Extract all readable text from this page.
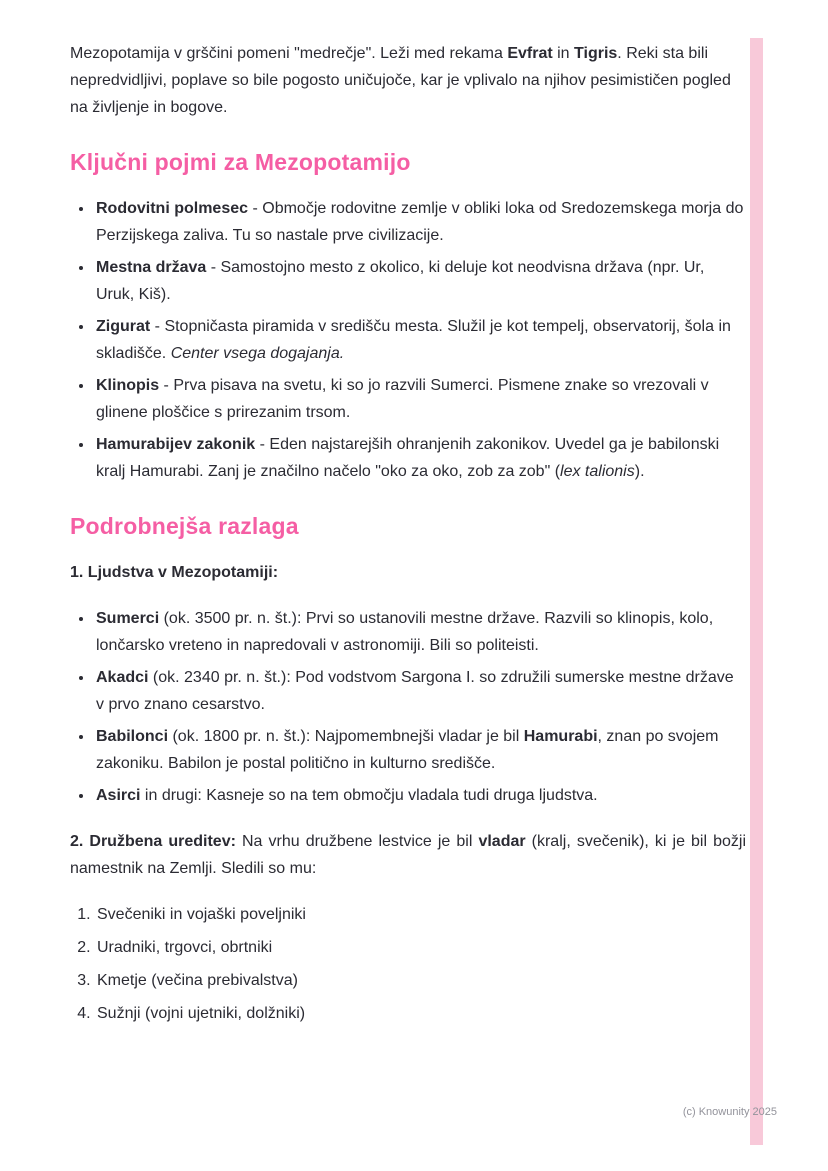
Mezopotamija v grščini pomeni "medrečje". Leži med rekama Evfrat in Tigris. Reki sta bili nepredvidljivi, poplave so bile pogosto uničujoče, kar je vplivalo na njihov pesimističen pogled na življenje in bogove.

Ključni pojmi za Mezopotamijo
• Rodovitni polmesec - Območje rodovitne zemlje v obliki loka od Sredozemskega morja do Perzijskega zaliva. Tu so nastale prve civilizacije.
• Mestna država - Samostojno mesto z okolico, ki deluje kot neodvisna država (npr. Ur, Uruk, Kiš).
• Zigurat - Stopničasta piramida v središču mesta. Služil je kot tempelj, observatorij, šola in skladišče. Center vsega dogajanja.
• Klinopis - Prva pisava na svetu, ki so jo razvili Sumerci. Pismene znake so vrezovali v glinene ploščice s prirezanim trsom.
• Hamurabijev zakonik - Eden najstarejših ohranjenih zakonikov. Uvedel ga je babilonski kralj Hamurabi. Zanj je značilno načelo "oko za oko, zob za zob" (lex talionis).
Podrobnejša razlaga

1. Ljudstva v Mezopotamiji:

• Sumerci (ok. 3500 pr. n. št.): Prvi so ustanovili mestne države. Razvili so klinopis, kolo, lončarsko vreteno in napredovali v astronomiji. Bili so politeisti.
• Akadci (ok. 2340 pr. n. št.): Pod vodstvom Sargona I. so združili sumerske mestne države v prvo znano cesarstvo.
• Babilonci (ok. 1800 pr. n. št.): Najpomembnejši vladar je bil Hamurabi, znan po svojem zakoniku. Babilon je postal politično in kulturno središče.
• Asirci in drugi: Kasneje so na tem območju vladala tudi druga ljudstva.

2. Družbena ureditev: Na vrhu družbene lestvice je bil vladar (kralj, svečenik), ki je bil božji namestnik na Zemlji. Sledili so mu:

1. Svečeniki in vojaški poveljniki
2. Uradniki, trgovci, obrtniki
3. Kmetje (večina prebivalstva)
4. Sužnji (vojni ujetniki, dolžniki)
(c) Knowunity 2025
